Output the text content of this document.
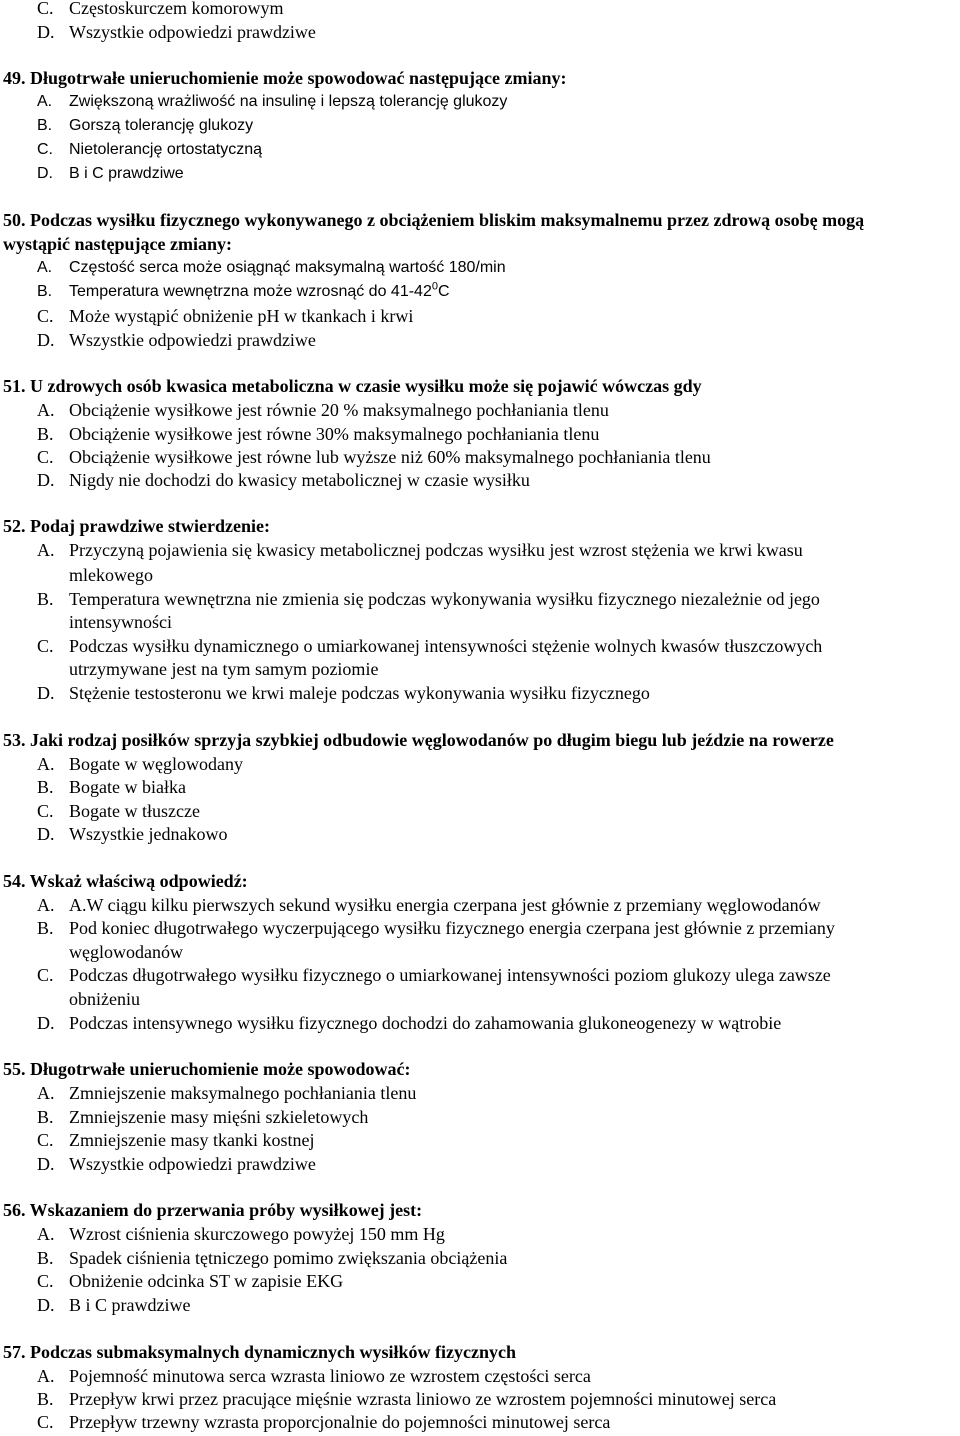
C. Częstoskurczem komorowym
D. Wszystkie odpowiedzi prawdziwe
49. Długotrwałe unieruchomienie może spowodować następujące zmiany:
A. Zwiększoną wrażliwość na insulinę i lepszą tolerancję glukozy
B. Gorszą tolerancję glukozy
C. Nietolerancję ortostatyczną
D. B i C prawdziwe
50. Podczas wysiłku fizycznego wykonywanego z obciążeniem bliskim maksymalnemu przez zdrową osobę mogą
wystąpić następujące zmiany:
A. Częstość serca może osiągnąć maksymalną wartość 180/min
B. Temperatura wewnętrzna może wzrosnąć do $41-42^0C$
C. Może wystąpić obniżenie pH w tkankach i krwi
D. Wszystkie odpowiedzi prawdziwe
51. U zdrowych osób kwasica metaboliczna w czasie wysiłku może się pojawić wówczas gdy
A. Obciążenie wysiłkowe jest równie 20 % maksymalnego pochłaniania tlenu
B. Obciążenie wysiłkowe jest równe 30% maksymalnego pochłaniania tlenu
C. Obciążenie wysiłkowe jest równe lub wyższe niż 60% maksymalnego pochłaniania tlenu
D. Nigdy nie dochodzi do kwasicy metabolicznej w czasie wysiłku
52. Podaj prawdziwe stwierdzenie:
A. Przyczyną pojawienia się kwasicy metabolicznej podczas wysiłku jest wzrost stężenia we krwi kwasu
mlekowego
B. Temperatura wewnętrzna nie zmienia się podczas wykonywania wysiłku fizycznego niezależnie od jego
intensywności
C. Podczas wysiłku dynamicznego o umiarkowanej intensywności stężenie wolnych kwasów tłuszczowych
utrzymywane jest na tym samym poziomie
D. Stężenie testosteronu we krwi maleje podczas wykonywania wysiłku fizycznego
53. Jaki rodzaj posiłków sprzyja szybkiej odbudowie węglowodanów po długim biegu lub jeździe na rowerze
A. Bogate w węglowodany
B. Bogate w białka
C. Bogate w tłuszcze
D. Wszystkie jednakowo
54. Wskaż właściwą odpowiedź:
A. A.W ciągu kilku pierwszych sekund wysiłku energia czerpana jest głównie z przemiany węglowodanów
B. Pod koniec długotrwałego wyczerpującego wysiłku fizycznego energia czerpana jest głównie z przemiany
węglowodanów
C. Podczas długotrwałego wysiłku fizycznego o umiarkowanej intensywności poziom glukozy ulega zawsze
obniżeniu
D. Podczas intensywnego wysiłku fizycznego dochodzi do zahamowania glukoneogenezy w wątrobie
55. Długotrwałe unieruchomienie może spowodować:
A. Zmniejszenie maksymalnego pochłaniania tlenu
B. Zmniejszenie masy mięśni szkieletowych
C. Zmniejszenie masy tkanki kostnej
D. Wszystkie odpowiedzi prawdziwe
56. Wskazaniem do przerwania próby wysiłkowej jest:
A. Wzrost ciśnienia skurczowego powyżej 150 mm Hg
B. Spadek ciśnienia tętniczego pomimo zwiększania obciążenia
C. Obniżenie odcinka ST w zapisie EKG
D. B i C prawdziwe
57. Podczas submaksymalnych dynamicznych wysiłków fizycznych
A. Pojemność minutowa serca wzrasta liniowo ze wzrostem częstości serca
B. Przepływ krwi przez pracujące mięśnie wzrasta liniowo ze wzrostem pojemności minutowej serca
C. Przepływ trzewny wzrasta proporcjonalnie do pojemności minutowej serca
